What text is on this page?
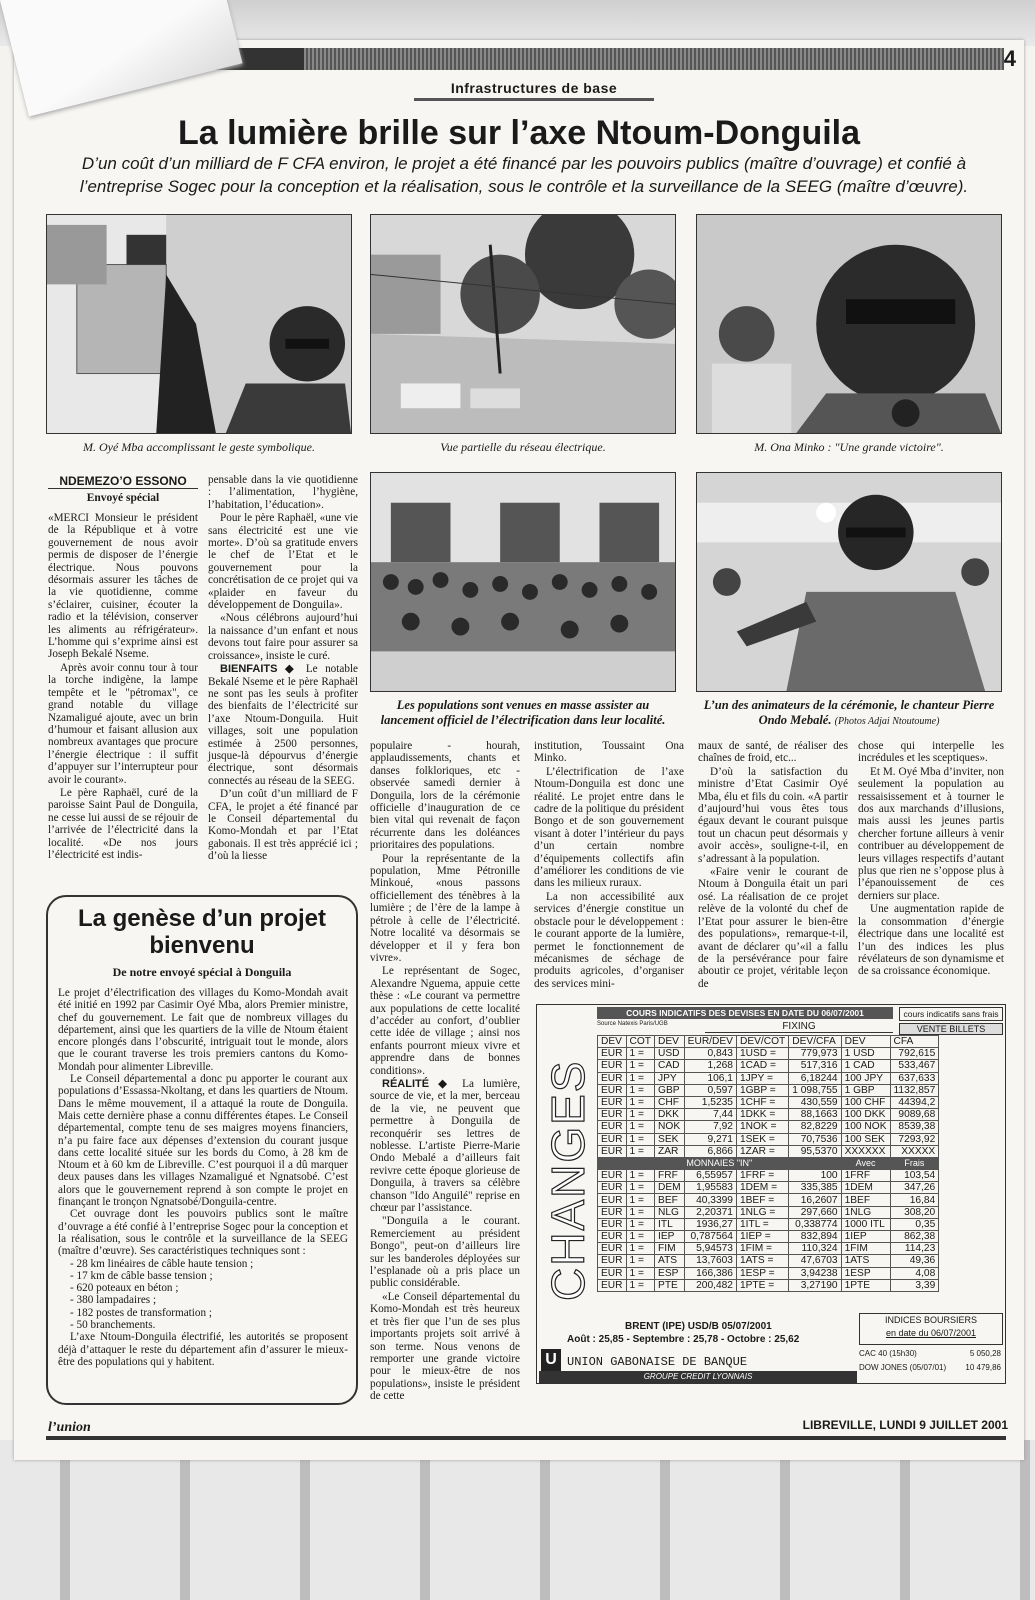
4
Infrastructures de base
La lumière brille sur l’axe Ntoum-Donguila
D’un coût d’un milliard de F CFA environ, le projet a été financé par les pouvoirs publics (maître d’ouvrage) et confié à l’entreprise Sogec pour la conception et la réalisation, sous le contrôle et la surveillance de la SEEG (maître d’œuvre).
M. Oyé Mba accomplissant le geste symbolique.	Vue partielle du réseau électrique.	M. Ona Minko : "Une grande victoire".
Les populations sont venues en masse assister au lancement officiel de l’électrification dans leur localité.
L’un des animateurs de la cérémonie, le chanteur Pierre Ondo Mebalé. (Photos Adjai Ntoutoume)
NDEMEZO’O ESSONO
Envoyé spécial

«MERCI Monsieur le président de la République et à votre gouvernement de nous avoir permis de disposer de l’énergie électrique. Nous pouvons désormais assurer les tâches de la vie quotidienne, comme s’éclairer, cuisiner, écouter la radio et la télévision, conserver les aliments au réfrigérateur». L’homme qui s’exprime ainsi est Joseph Bekalé Nseme.

Après avoir connu tour à tour la torche indigène, la lampe tempête et le "pétromax", ce grand notable du village Nzamaligué ajoute, avec un brin d’humour et faisant allusion aux nombreux avantages que procure l’énergie électrique : il suffit d’appuyer sur l’interrupteur pour avoir le courant».

Le père Raphaël, curé de la paroisse Saint Paul de Donguila, ne cesse lui aussi de se réjouir de l’arrivée de l’électricité dans la localité. «De nos jours l’électricité est indis-

pensable dans la vie quotidienne : l’alimentation, l’hygiène, l’habitation, l’éducation».

Pour le père Raphaël, «une vie sans électricité est une vie morte». D’où sa gratitude envers le chef de l’Etat et le gouvernement pour la concrétisation de ce projet qui va «plaider en faveur du développement de Donguila».

«Nous célébrons aujourd’hui la naissance d’un enfant et nous devons tout faire pour assurer sa croissance», insiste le curé.

BIENFAITS ◆ Le notable Bekalé Nseme et le père Raphaël ne sont pas les seuls à profiter des bienfaits de l’électricité sur l’axe Ntoum-Donguila. Huit villages, soit une population estimée à 2500 personnes, jusque-là dépourvus d’énergie électrique, sont désormais connectés au réseau de la SEEG.

D’un coût d’un milliard de F CFA, le projet a été financé par le Conseil départemental du Komo-Mondah et par l’Etat gabonais. Il est très apprécié ici ; d’où la liesse

populaire - hourah, applaudissements, chants et danses folkloriques, etc - observée samedi dernier à Donguila, lors de la cérémonie officielle d’inauguration de ce bien vital qui revenait de façon récurrente dans les doléances prioritaires des populations.

Pour la représentante de la population, Mme Pétronille Minkoué, «nous passons officiellement des ténèbres à la lumière ; de l’ère de la lampe à pétrole à celle de l’électricité. Notre localité va désormais se développer et il y fera bon vivre».

Le représentant de Sogec, Alexandre Nguema, appuie cette thèse : «Le courant va permettre aux populations de cette localité d’accéder au confort, d’oublier cette idée de village ; ainsi nos enfants pourront mieux vivre et apprendre dans de bonnes conditions».

RÉALITÉ ◆ La lumière, source de vie, et la mer, berceau de la vie, ne peuvent que permettre à Donguila de reconquérir ses lettres de noblesse. L’artiste Pierre-Marie Ondo Mebalé a d’ailleurs fait revivre cette époque glorieuse de Donguila, à travers sa célèbre chanson "Ido Anguilé" reprise en chœur par l’assistance.

"Donguila a le courant. Remerciement au président Bongo", peut-on d’ailleurs lire sur les banderoles déployées sur l’esplanade où a pris place un public considérable.

«Le Conseil départemental du Komo-Mondah est très heureux et très fier que l’un de ses plus importants projets soit arrivé à son terme. Nous venons de remporter une grande victoire pour le mieux-être de nos populations», insiste le président de cette

institution, Toussaint Ona Minko.

L’électrification de l’axe Ntoum-Donguila est donc une réalité. Le projet entre dans le cadre de la politique du président Bongo et de son gouvernement visant à doter l’intérieur du pays d’un certain nombre d’équipements collectifs afin d’améliorer les conditions de vie dans les milieux ruraux.

La non accessibilité aux services d’énergie constitue un obstacle pour le développement : le courant apporte de la lumière, permet le fonctionnement de mécanismes de séchage de produits agricoles, d’organiser des services mini-

maux de santé, de réaliser des chaînes de froid, etc...

D’où la satisfaction du ministre d’Etat Casimir Oyé Mba, élu et fils du coin. «A partir d’aujourd’hui vous êtes tous égaux devant le courant puisque tout un chacun peut désormais y avoir accès», souligne-t-il, en s’adressant à la population.

«Faire venir le courant de Ntoum à Donguila était un pari osé. La réalisation de ce projet relève de la volonté du chef de l’Etat pour assurer le bien-être des populations», remarque-t-il, avant de déclarer qu’«il a fallu de la persévérance pour faire aboutir ce projet, véritable leçon de

chose qui interpelle les incrédules et les sceptiques».

Et M. Oyé Mba d’inviter, non seulement la population au ressaisissement et à tourner le dos aux marchands d’illusions, mais aussi les jeunes partis chercher fortune ailleurs à venir contribuer au développement de leurs villages respectifs d’autant plus que rien ne s’oppose plus à l’épanouissement de ces derniers sur place.

Une augmentation rapide de la consommation d’énergie électrique dans une localité est l’un des indices les plus révélateurs de son dynamisme et de sa croissance économique.

La genèse d’un projet bienvenu
De notre envoyé spécial à Donguila

Le projet d’électrification des villages du Komo-Mondah avait été initié en 1992 par Casimir Oyé Mba, alors Premier ministre, chef du gouvernement. Le fait que de nombreux villages du département, ainsi que les quartiers de la ville de Ntoum étaient encore plongés dans l’obscurité, intriguait tout le monde, alors que le courant traverse les trois premiers cantons du Komo-Mondah pour alimenter Libreville.

Le Conseil départemental a donc pu apporter le courant aux populations d’Essassa-Nkoltang, et dans les quartiers de Ntoum. Dans le même mouvement, il a attaqué la route de Donguila. Mais cette dernière phase a connu différentes étapes. Le Conseil départemental, compte tenu de ses maigres moyens financiers, n’a pu faire face aux dépenses d’extension du courant jusque dans cette localité située sur les bords du Como, à 28 km de Ntoum et à 60 km de Libreville. C’est pourquoi il a dû marquer deux pauses dans les villages Nzamaligué et Ngnatsobé. C’est alors que le gouvernement reprend à son compte le projet en finançant le tronçon Ngnatsobé/Donguila-centre.

Cet ouvrage dont les pouvoirs publics sont le maître d’ouvrage a été confié à l’entreprise Sogec pour la conception et la réalisation, sous le contrôle et la surveillance de la SEEG (maître d’œuvre). Ses caractéristiques techniques sont :

- 28 km linéaires de câble haute tension ;
- 17 km de câble basse tension ;
- 620 poteaux en béton ;
- 380 lampadaires ;
- 182 postes de transformation ;
- 50 branchements.

L’axe Ntoum-Donguila électrifié, les autorités se proposent déjà d’attaquer le reste du département afin d’assurer le mieux-être des populations qui y habitent.

CHANGES
COURS INDICATIFS DES DEVISES EN DATE DU 06/07/2001	cours indicatifs sans frais
Source Natexis Paris/UGB	FIXING	VENTE BILLETS
DEV	COT	DEV	EUR/DEV	DEV/COT	DEV/CFA	DEV	CFA
EUR	1 =	USD	0,843	1USD =	779,973	1 USD	792,615
EUR	1 =	CAD	1,268	1CAD =	517,316	1 CAD	533,467
EUR	1 =	JPY	106,1	1JPY =	6,18244	100 JPY	637,633
EUR	1 =	GBP	0,597	1GBP =	1 098,755	1 GBP	1132,857
EUR	1 =	CHF	1,5235	1CHF =	430,559	100 CHF	44394,2
EUR	1 =	DKK	7,44	1DKK =	88,1663	100 DKK	9089,68
EUR	1 =	NOK	7,92	1NOK =	82,8229	100 NOK	8539,38
EUR	1 =	SEK	9,271	1SEK =	70,7536	100 SEK	7293,92
EUR	1 =	ZAR	6,866	1ZAR =	95,5370	XXXXXX	XXXXX
MONNAIES "IN"						Avec	Frais
EUR	1 =	FRF	6,55957	1FRF =	100	1FRF	103,54
EUR	1 =	DEM	1,95583	1DEM =	335,385	1DEM	347,26
EUR	1 =	BEF	40,3399	1BEF =	16,2607	1BEF	16,84
EUR	1 =	NLG	2,20371	1NLG =	297,660	1NLG	308,20
EUR	1 =	ITL	1936,27	1ITL =	0,338774	1000 ITL	0,35
EUR	1 =	IEP	0,787564	1IEP =	832,894	1IEP	862,38
EUR	1 =	FIM	5,94573	1FIM =	110,324	1FIM	114,23
EUR	1 =	ATS	13,7603	1ATS =	47,6703	1ATS	49,36
EUR	1 =	ESP	166,386	1ESP =	3,94238	1ESP	4,08
EUR	1 =	PTE	200,482	1PTE =	3,27190	1PTE	3,39
BRENT (IPE) USD/B 05/07/2001
Août : 25,85 - Septembre : 25,78 - Octobre : 25,62
INDICES BOURSIERS
en date du 06/07/2001
CAC 40 (15h30)	5 050,28
DOW JONES (05/07/01) 10 479,86
U UNION GABONAISE DE BANQUE
GROUPE CREDIT LYONNAIS
l’union	LIBREVILLE, LUNDI 9 JUILLET 2001
